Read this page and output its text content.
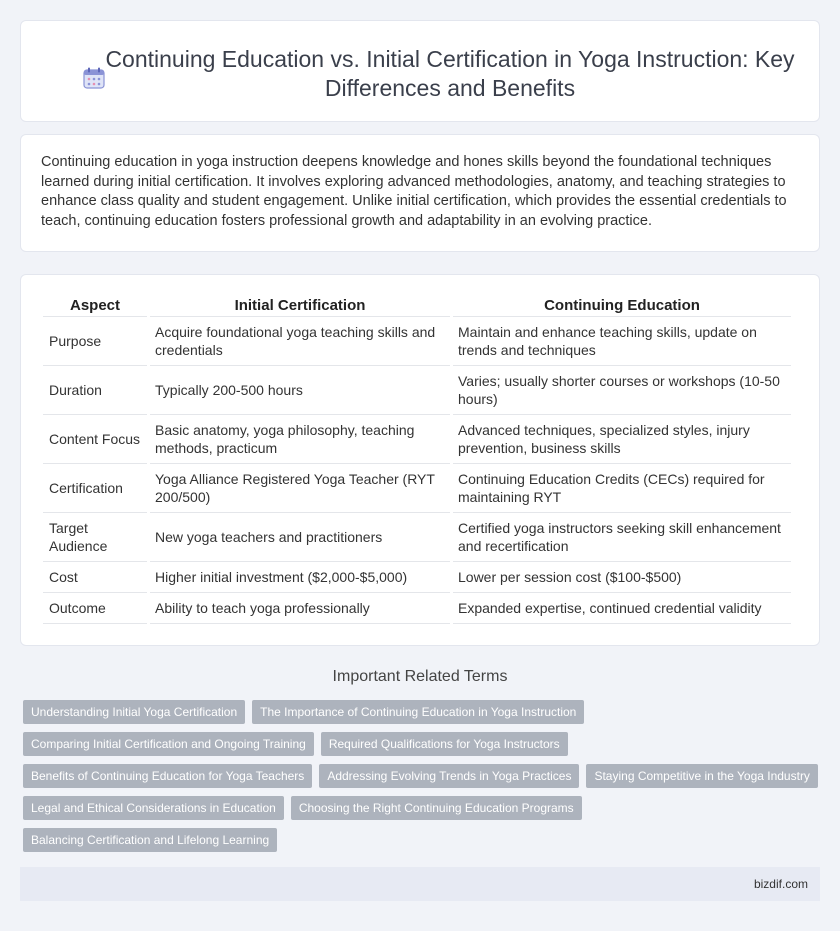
Continuing Education vs. Initial Certification in Yoga Instruction: Key Differences and Benefits

Continuing education in yoga instruction deepens knowledge and hones skills beyond the foundational techniques learned during initial certification. It involves exploring advanced methodologies, anatomy, and teaching strategies to enhance class quality and student engagement. Unlike initial certification, which provides the essential credentials to teach, continuing education fosters professional growth and adaptability in an evolving practice.

Aspect	Initial Certification	Continuing Education
Purpose	Acquire foundational yoga teaching skills and credentials	Maintain and enhance teaching skills, update on trends and techniques
Duration	Typically 200-500 hours	Varies; usually shorter courses or workshops (10-50 hours)
Content Focus	Basic anatomy, yoga philosophy, teaching methods, practicum	Advanced techniques, specialized styles, injury prevention, business skills
Certification	Yoga Alliance Registered Yoga Teacher (RYT 200/500)	Continuing Education Credits (CECs) required for maintaining RYT
Target Audience	New yoga teachers and practitioners	Certified yoga instructors seeking skill enhancement and recertification
Cost	Higher initial investment ($2,000-$5,000)	Lower per session cost ($100-$500)
Outcome	Ability to teach yoga professionally	Expanded expertise, continued credential validity
Important Related Terms
Understanding Initial Yoga Certification	The Importance of Continuing Education in Yoga Instruction
Comparing Initial Certification and Ongoing Training	Required Qualifications for Yoga Instructors
Benefits of Continuing Education for Yoga Teachers	Addressing Evolving Trends in Yoga Practices	Staying Competitive in the Yoga Industry
Legal and Ethical Considerations in Education	Choosing the Right Continuing Education Programs
Balancing Certification and Lifelong Learning
bizdif.com
